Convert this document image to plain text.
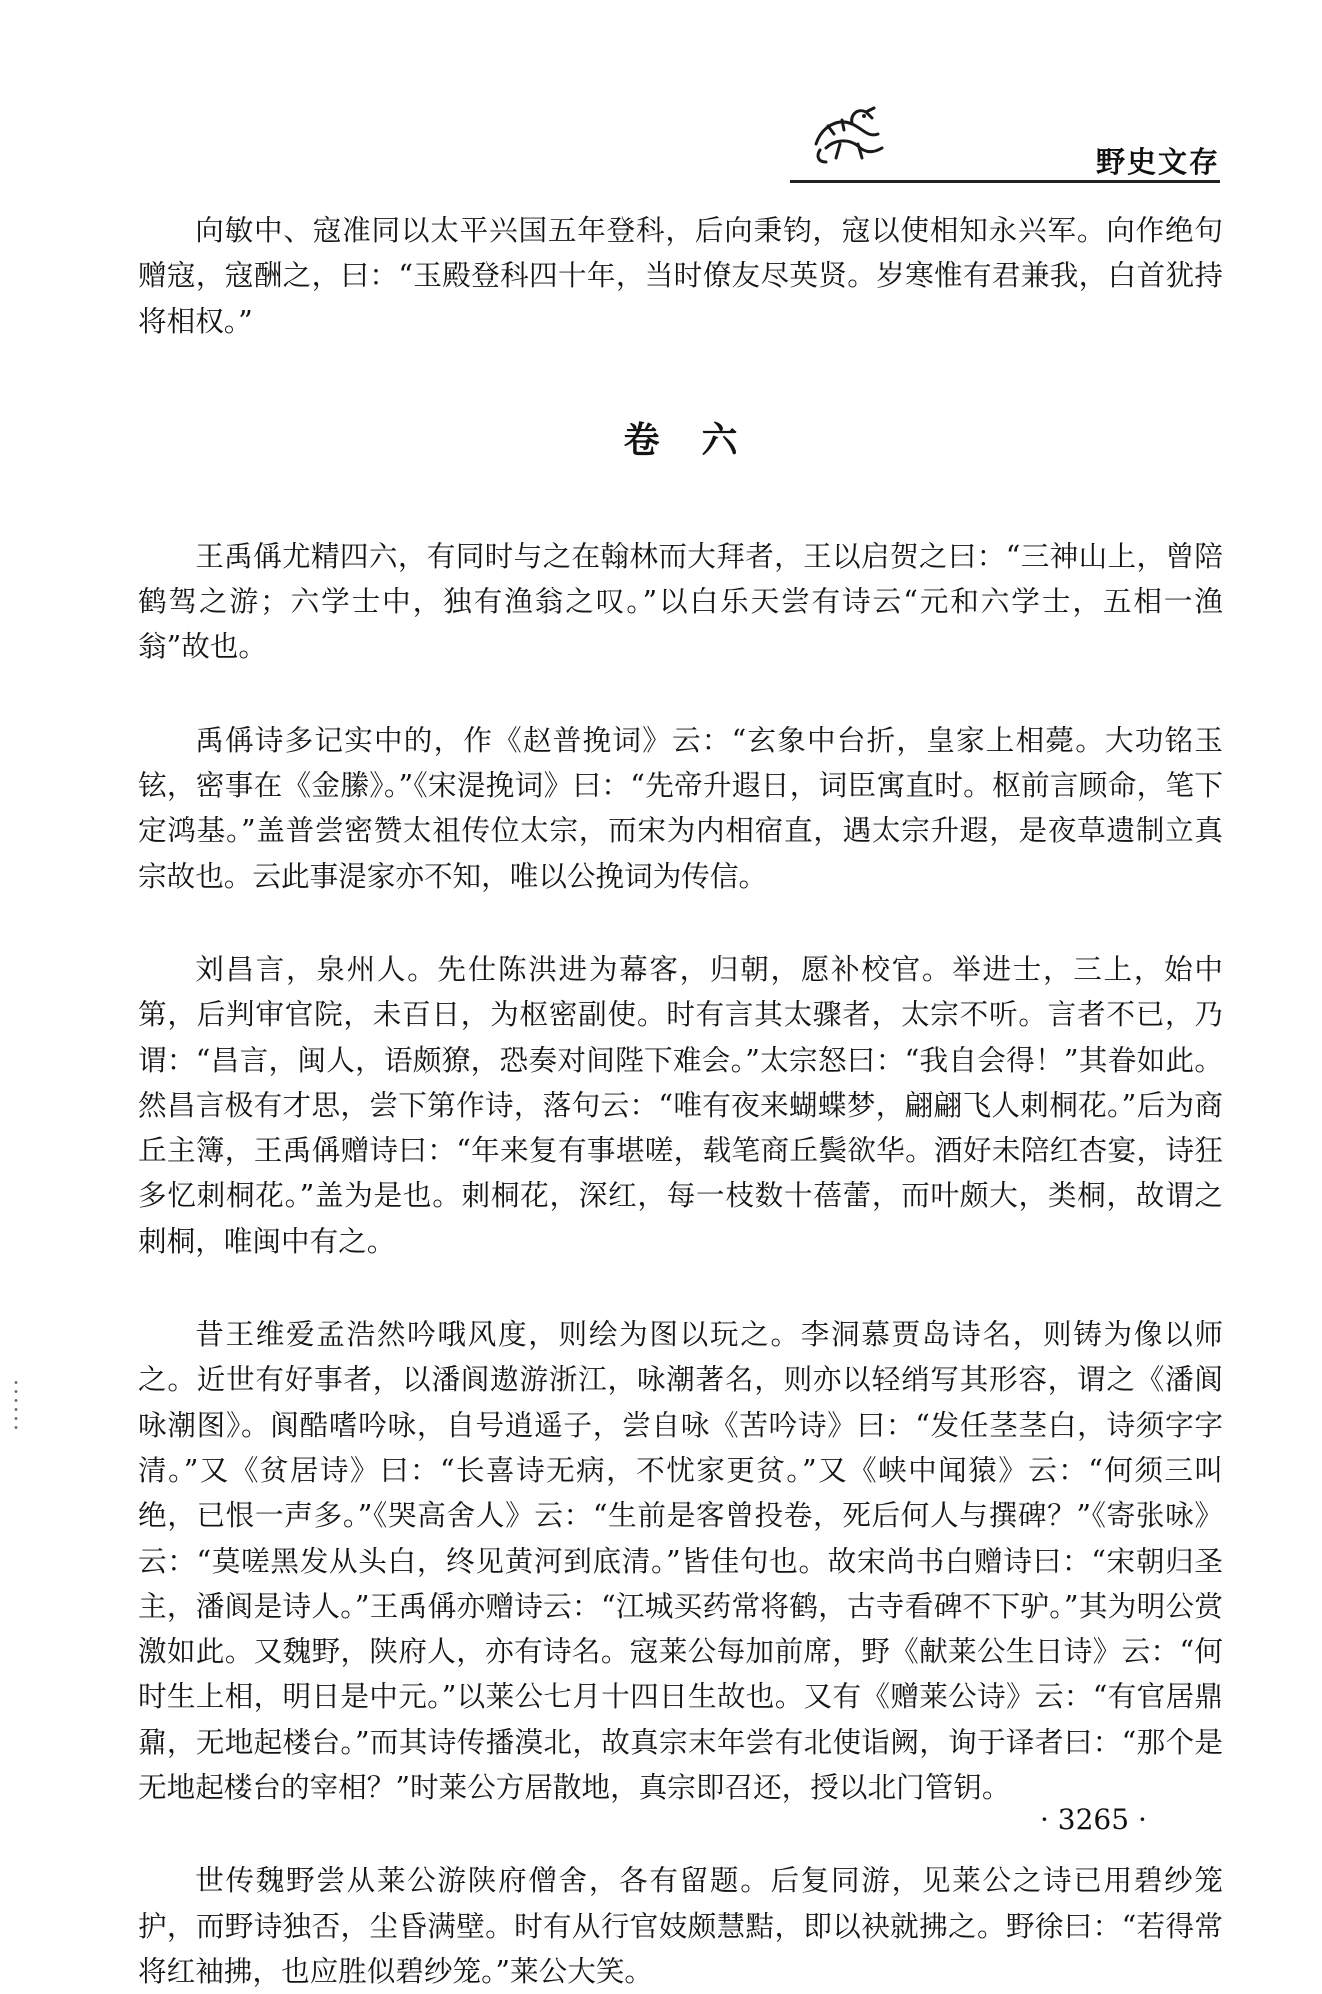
野史文存

向敏中、寇准同以太平兴国五年登科，后向秉钧，寇以使相知永兴军。向作绝句赠寇，寇酬之，曰：“玉殿登科四十年，当时僚友尽英贤。岁寒惟有君兼我，白首犹持将相权。”

卷六

王禹偁尤精四六，有同时与之在翰林而大拜者，王以启贺之曰：“三神山上，曾陪鹤驾之游；六学士中，独有渔翁之叹。”以白乐天尝有诗云“元和六学士，五相一渔翁”故也。

禹偁诗多记实中的，作《赵普挽词》云：“玄象中台折，皇家上相薨。大功铭玉铉，密事在《金縢》。”《宋湜挽词》曰：“先帝升遐日，词臣寓直时。枢前言顾命，笔下定鸿基。”盖普尝密赞太祖传位太宗，而宋为内相宿直，遇太宗升遐，是夜草遗制立真宗故也。云此事湜家亦不知，唯以公挽词为传信。

刘昌言，泉州人。先仕陈洪进为幕客，归朝，愿补校官。举进士，三上，始中第，后判审官院，未百日，为枢密副使。时有言其太骤者，太宗不听。言者不已，乃谓：“昌言，闽人，语颇獠，恐奏对间陛下难会。”太宗怒曰：“我自会得！”其眷如此。然昌言极有才思，尝下第作诗，落句云：“唯有夜来蝴蝶梦，翩翩飞人刺桐花。”后为商丘主簿，王禹偁赠诗曰：“年来复有事堪嗟，载笔商丘鬓欲华。酒好未陪红杏宴，诗狂多忆刺桐花。”盖为是也。刺桐花，深红，每一枝数十蓓蕾，而叶颇大，类桐，故谓之刺桐，唯闽中有之。

昔王维爱孟浩然吟哦风度，则绘为图以玩之。李洞慕贾岛诗名，则铸为像以师之。近世有好事者，以潘阆遨游浙江，咏潮著名，则亦以轻绡写其形容，谓之《潘阆咏潮图》。阆酷嗜吟咏，自号逍遥子，尝自咏《苦吟诗》曰：“发任茎茎白，诗须字字清。”又《贫居诗》曰：“长喜诗无病，不忧家更贫。”又《峡中闻猿》云：“何须三叫绝，已恨一声多。”《哭高舍人》云：“生前是客曾投卷，死后何人与撰碑？”《寄张咏》云：“莫嗟黑发从头白，终见黄河到底清。”皆佳句也。故宋尚书白赠诗曰：“宋朝归圣主，潘阆是诗人。”王禹偁亦赠诗云：“江城买药常将鹤，古寺看碑不下驴。”其为明公赏激如此。又魏野，陕府人，亦有诗名。寇莱公每加前席，野《献莱公生日诗》云：“何时生上相，明日是中元。”以莱公七月十四日生故也。又有《赠莱公诗》云：“有官居鼎鼐，无地起楼台。”而其诗传播漠北，故真宗末年尝有北使诣阙，询于译者曰：“那个是无地起楼台的宰相？”时莱公方居散地，真宗即召还，授以北门管钥。

世传魏野尝从莱公游陕府僧舍，各有留题。后复同游，见莱公之诗已用碧纱笼护，而野诗独否，尘昏满壁。时有从行官妓颇慧黠，即以袂就拂之。野徐曰：“若得常将红袖拂，也应胜似碧纱笼。”莱公大笑。

· 3265 ·
